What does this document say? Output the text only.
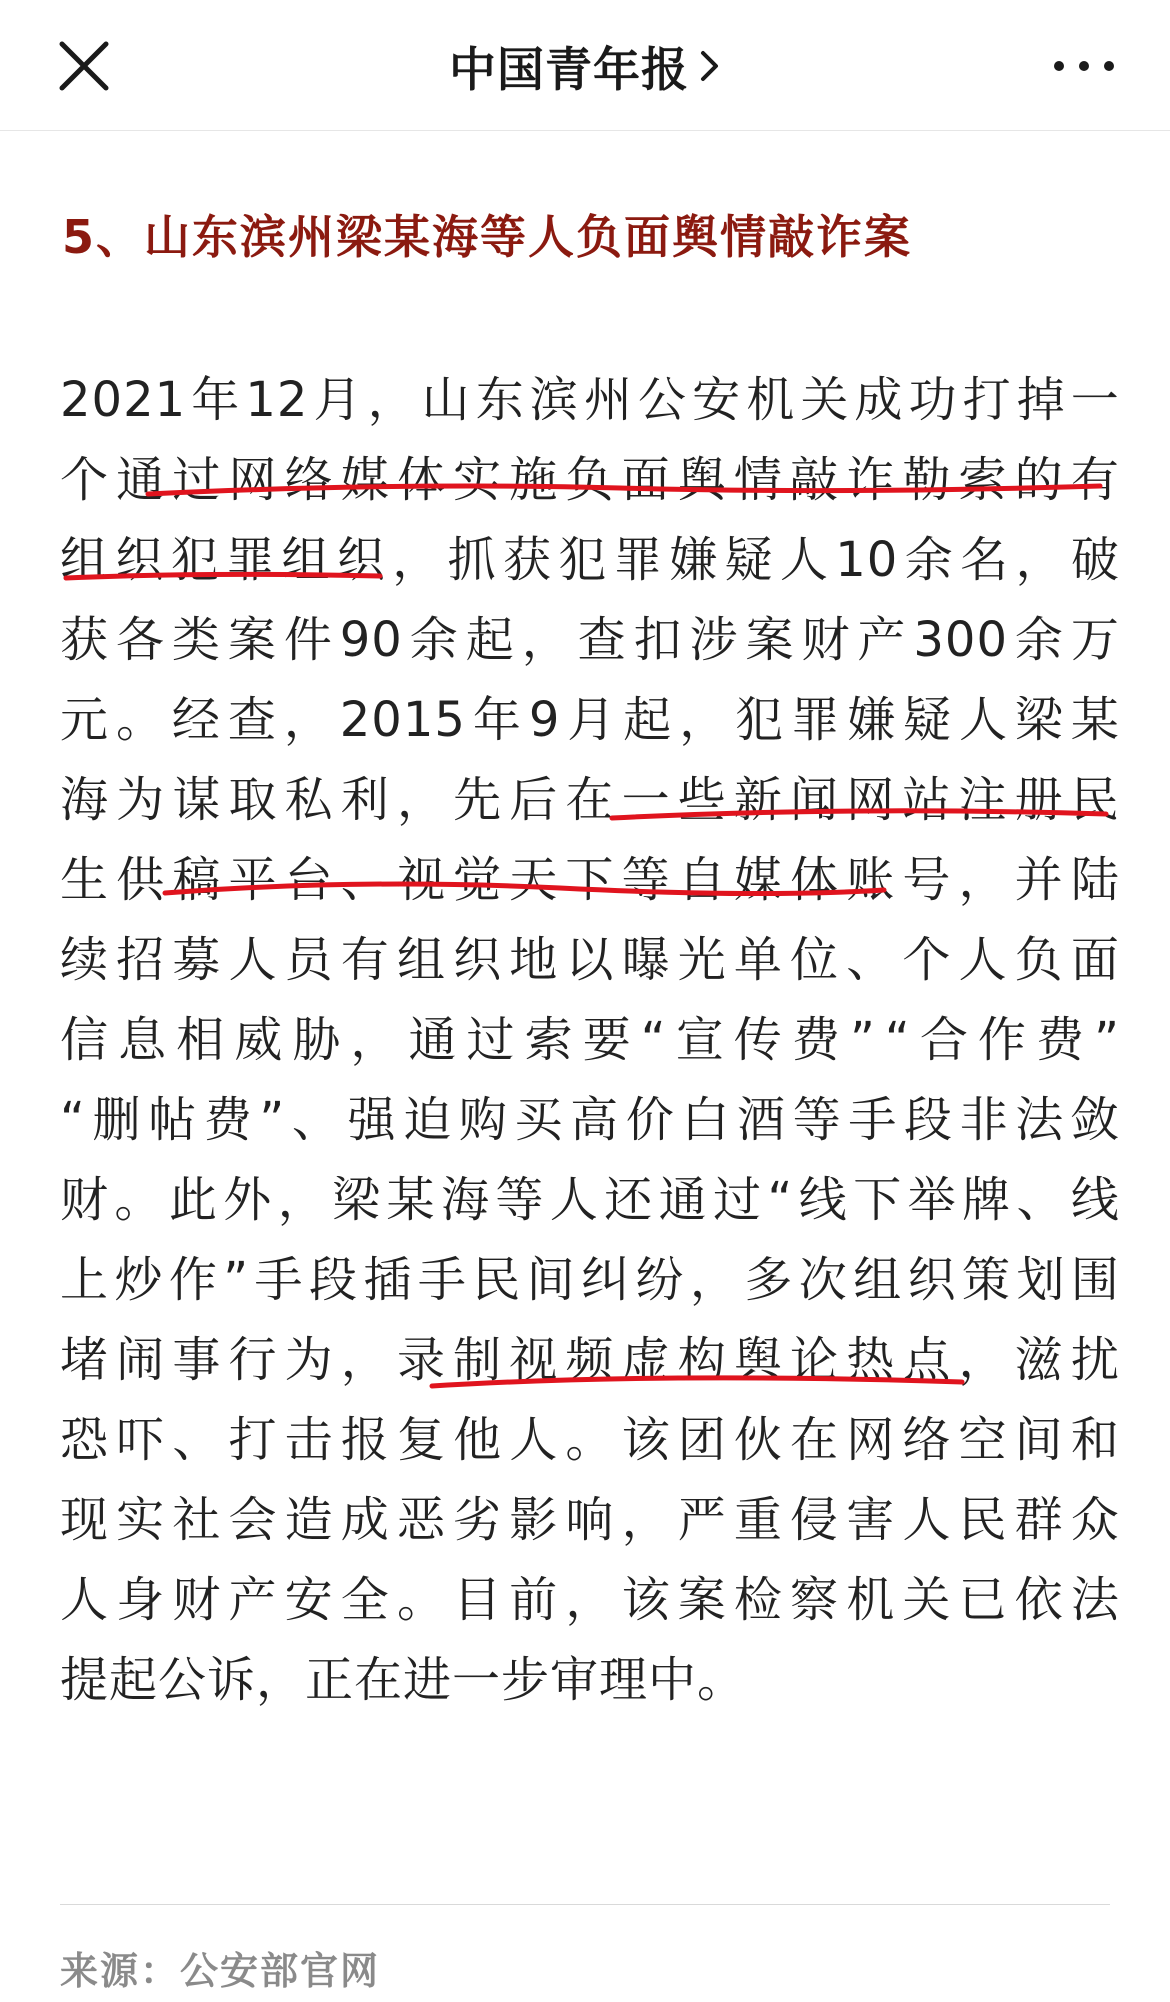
中国青年报
5、山东滨州梁某海等人负面舆情敲诈案
2021 年 12 月 ， 山 东 滨 州 公 安 机 关 成 功 打 掉 一
个 通 过 网 络 媒 体 实 施 负 面 舆 情 敲 诈 勒 索 的 有
组 织 犯 罪 组 织 ， 抓 获 犯 罪 嫌 疑 人 10 余 名 ， 破
获 各 类 案 件 90 余 起 ， 查 扣 涉 案 财 产 300 余 万
元 。 经 查 ， 2015 年 9 月 起 ， 犯 罪 嫌 疑 人 梁 某
海 为 谋 取 私 利 ， 先 后 在 一 些 新 闻 网 站 注 册 民
生 供 稿 平 台 、 视 觉 天 下 等 自 媒 体 账 号 ， 并 陆
续 招 募 人 员 有 组 织 地 以 曝 光 单 位 、 个 人 负 面
信 息 相 威 胁 ， 通 过 索 要 “ 宣 传 费 ” “ 合 作 费 ”
“ 删 帖 费 ” 、 强 迫 购 买 高 价 白 酒 等 手 段 非 法 敛
财 。 此 外 ， 梁 某 海 等 人 还 通 过 “ 线 下 举 牌 、 线
上 炒 作 ” 手 段 插 手 民 间 纠 纷 ， 多 次 组 织 策 划 围
堵 闹 事 行 为 ， 录 制 视 频 虚 构 舆 论 热 点 ， 滋 扰
恐 吓 、 打 击 报 复 他 人 。 该 团 伙 在 网 络 空 间 和
现 实 社 会 造 成 恶 劣 影 响 ， 严 重 侵 害 人 民 群 众
人 身 财 产 安 全 。 目 前 ， 该 案 检 察 机 关 已 依 法
提起公诉，正在进一步审理中。
来源：公安部官网
